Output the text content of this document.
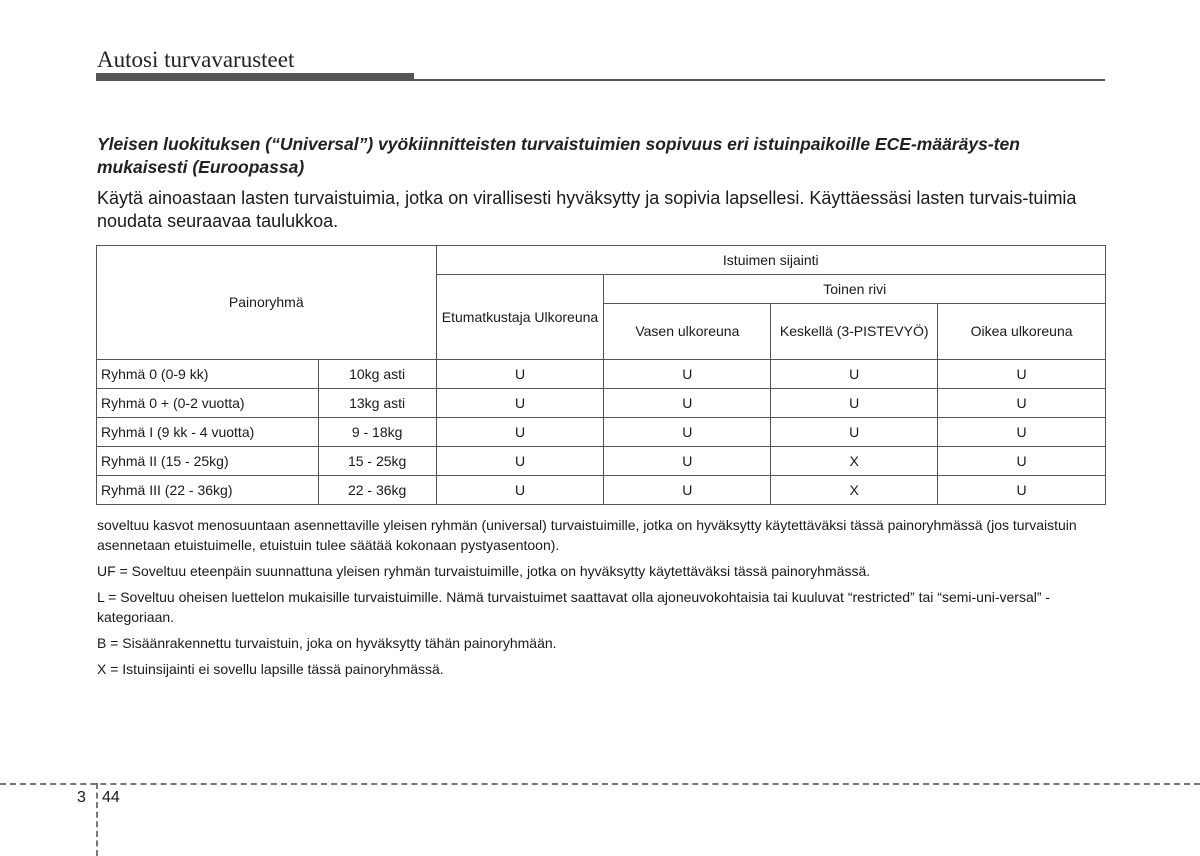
Autosi turvavarusteet
Yleisen luokituksen (“Universal”) vyökiinnitteisten turvaistuimien sopivuus eri istuinpaikoille ECE-määräys-ten mukaisesti (Euroopassa)
Käytä ainoastaan lasten turvaistuimia, jotka on virallisesti hyväksytty ja sopivia lapsellesi. Käyttäessäsi lasten turvais-tuimia noudata seuraavaa taulukkoa.
Painoryhmä		Istuimen sijainti			
		Etumatkustaja Ulkoreuna	Toinen rivi		
			Vasen ulkoreuna	Keskellä (3-PISTEVYÖ)	Oikea ulkoreuna
Ryhmä 0 (0-9 kk)	10kg asti	U	U	U	U
Ryhmä 0 + (0-2 vuotta)	13kg asti	U	U	U	U
Ryhmä I (9 kk - 4 vuotta)	9 - 18kg	U	U	U	U
Ryhmä II (15 - 25kg)	15 - 25kg	U	U	X	U
Ryhmä III (22 - 36kg)	22 - 36kg	U	U	X	U

soveltuu kasvot menosuuntaan asennettaville yleisen ryhmän (universal) turvaistuimille, jotka on hyväksytty käytettäväksi tässä painoryhmässä (jos turvaistuin asennetaan etuistuimelle, etuistuin tulee säätää kokonaan pystyasentoon).

UF = Soveltuu eteenpäin suunnattuna yleisen ryhmän turvaistuimille, jotka on hyväksytty käytettäväksi tässä painoryhmässä.

L = Soveltuu oheisen luettelon mukaisille turvaistuimille. Nämä turvaistuimet saattavat olla ajoneuvokohtaisia tai kuuluvat “restricted” tai “semi-uni-versal” -kategoriaan.

B = Sisäänrakennettu turvaistuin, joka on hyväksytty tähän painoryhmään.

X = Istuinsijainti ei sovellu lapsille tässä painoryhmässä.

3 44
